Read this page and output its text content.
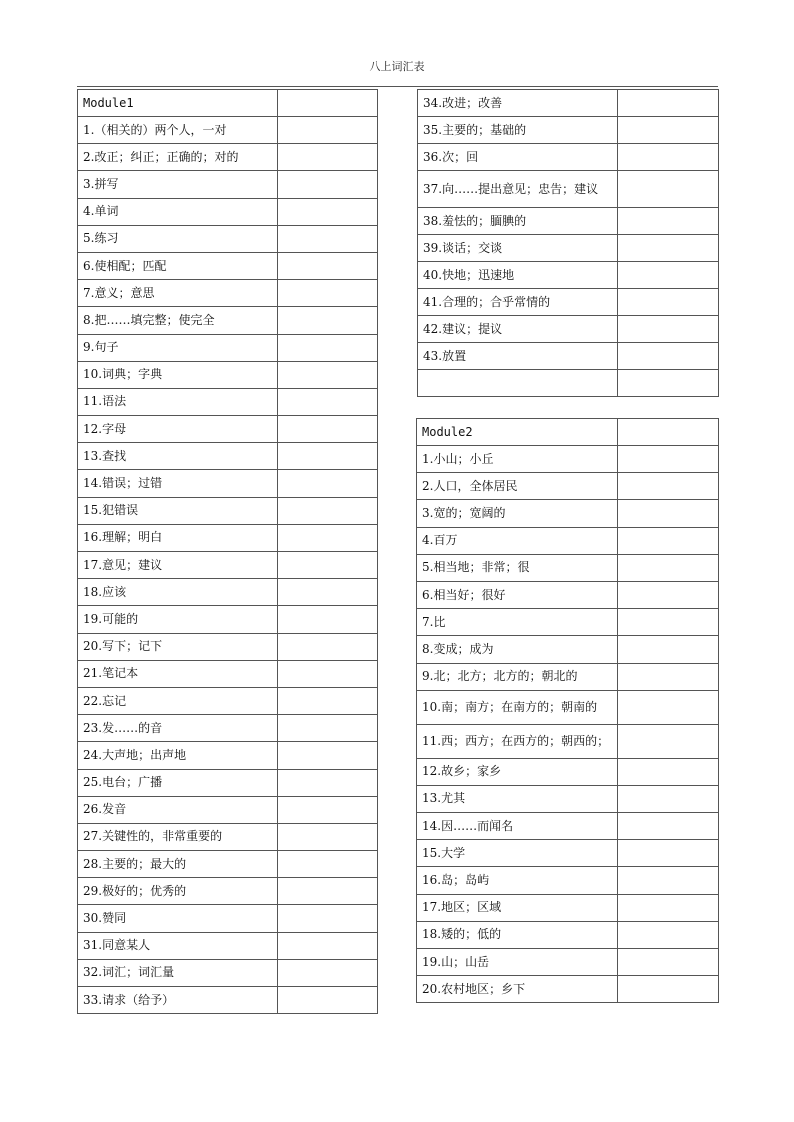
八上词汇表
Module1	
1.（相关的）两个人，一对	
2.改正；纠正；正确的；对的	
3.拼写	
4.单词	
5.练习	
6.使相配；匹配	
7.意义；意思	
8.把……填完整；使完全	
9.句子	
10.词典；字典	
11.语法	
12.字母	
13.查找	
14.错误；过错	
15.犯错误	
16.理解；明白	
17.意见；建议	
18.应该	
19.可能的	
20.写下；记下	
21.笔记本	
22.忘记	
23.发……的音	
24.大声地；出声地	
25.电台；广播	
26.发音	
27.关键性的，非常重要的	
28.主要的；最大的	
29.极好的；优秀的	
30.赞同	
31.同意某人	
32.词汇；词汇量	
33.请求（给予）	
34.改进；改善	
35.主要的；基础的	
36.次；回	
37.向……提出意见；忠告；建议	
38.羞怯的；腼腆的	
39.谈话；交谈	
40.快地；迅速地	
41.合理的；合乎常情的	
42.建议；提议	
43.放置	

Module2	
1.小山；小丘	
2.人口，全体居民	
3.宽的；宽阔的	
4.百万	
5.相当地；非常；很	
6.相当好；很好	
7.比	
8.变成；成为	
9.北；北方；北方的；朝北的	
10.南；南方；在南方的；朝南的	
11.西；西方；在西方的；朝西的；	
12.故乡；家乡	
13.尤其	
14.因……而闻名	
15.大学	
16.岛；岛屿	
17.地区；区域	
18.矮的；低的	
19.山；山岳	
20.农村地区；乡下	
